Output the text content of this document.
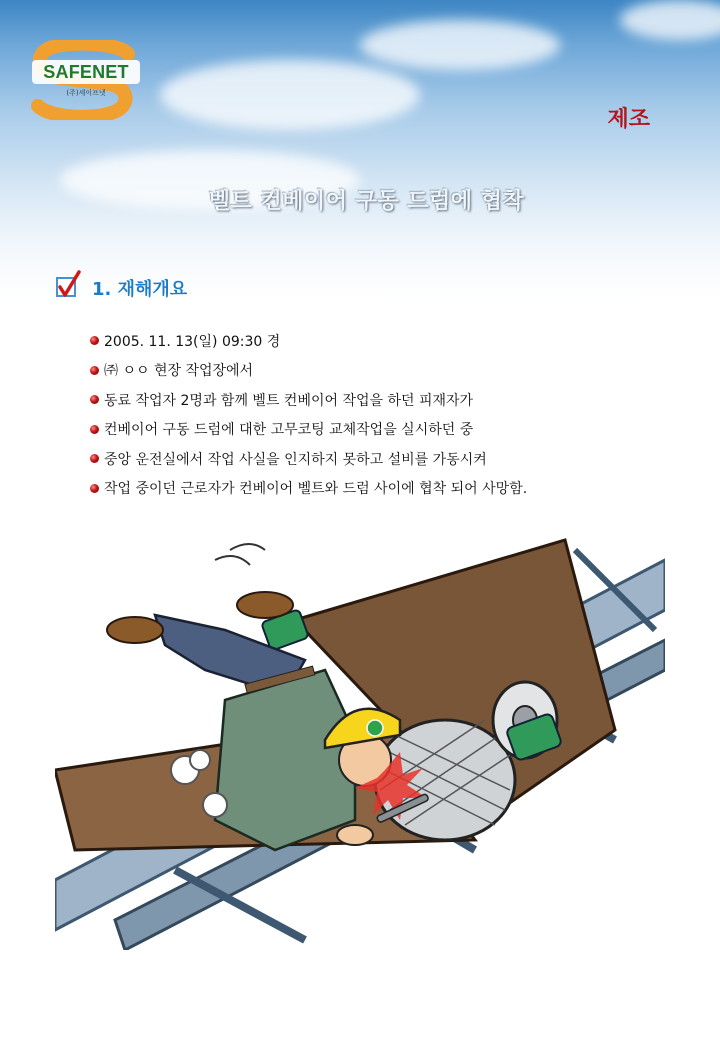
SAFENET
(주)세이프넷
제조
벨트 컨베이어 구동 드럼에 협착
1. 재해개요
2005. 11. 13(일) 09:30 경
㈜ ㅇㅇ 현장 작업장에서
동료 작업자 2명과 함께 벨트 컨베이어 작업을 하던 피재자가
컨베이어 구동 드럼에 대한 고무코팅 교체작업을 실시하던 중
중앙 운전실에서 작업 사실을 인지하지 못하고 설비를 가동시켜
작업 중이던 근로자가 컨베이어 벨트와 드럼 사이에 협착 되어 사망함.
